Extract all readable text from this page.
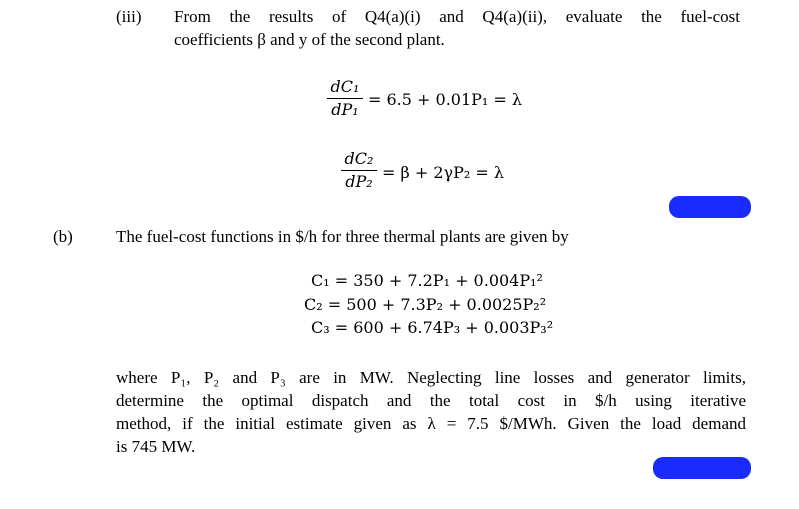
(iii) From the results of Q4(a)(i) and Q4(a)(ii), evaluate the fuel-cost
coefficients β and y of the second plant.
dC₁
dP₁
= 6.5 + 0.01P₁ = λ
dC₂
dP₂ = β + 2γP₂ = λ
(b)	The fuel-cost functions in $/h for three thermal plants are given by
C₁ = 350 + 7.2P₁ + 0.004P₁²
C₂ = 500 + 7.3P₂ + 0.0025P₂²
C₃ = 600 + 6.74P₃ + 0.003P₃²
where P₁, P₂ and P₃ are in MW. Neglecting line losses and generator limits,
determine the optimal dispatch and the total cost in $/h using iterative
method, if the initial estimate given as λ = 7.5 $/MWh. Given the load demand
is 745 MW.
